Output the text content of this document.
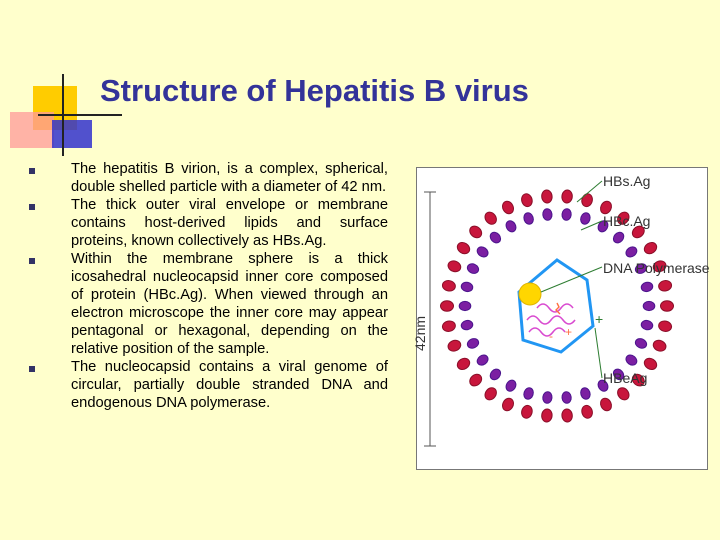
Structure of Hepatitis B virus
The hepatitis B virion, is a complex, spherical, double shelled particle with a diameter of 42 nm.
The thick outer viral envelope or membrane contains host-derived lipids and surface proteins, known collectively as HBs.Ag.
Within the membrane sphere is a thick icosahedral nucleocapsid inner core composed of protein (HBc.Ag). When viewed through an electron microscope the inner core may appear pentagonal or hexagonal, depending on the relative position of the sample.
The nucleocapsid contains a viral genome of circular, partially double stranded DNA and endogenous DNA polymerase.
42nm	+
-
+
HBs.Ag
HBc.Ag
DNA Polymerase
HBeAg
